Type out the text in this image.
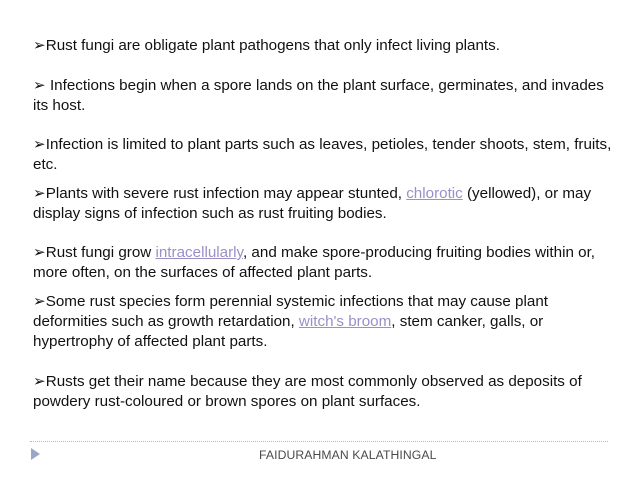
➢Rust fungi are obligate plant pathogens that only infect living plants.

➢ Infections begin when a spore lands on the plant surface, germinates, and invades its host.

➢Infection is limited to plant parts such as leaves, petioles, tender shoots, stem, fruits, etc.

➢Plants with severe rust infection may appear stunted, chlorotic (yellowed), or may display signs of infection such as rust fruiting bodies.

➢Rust fungi grow intracellularly, and make spore-producing fruiting bodies within or, more often, on the surfaces of affected plant parts.

➢Some rust species form perennial systemic infections that may cause plant deformities such as growth retardation, witch's broom, stem canker, galls, or hypertrophy of affected plant parts.

➢Rusts get their name because they are most commonly observed as deposits of powdery rust-coloured or brown spores on plant surfaces.

FAIDURAHMAN KALATHINGAL
